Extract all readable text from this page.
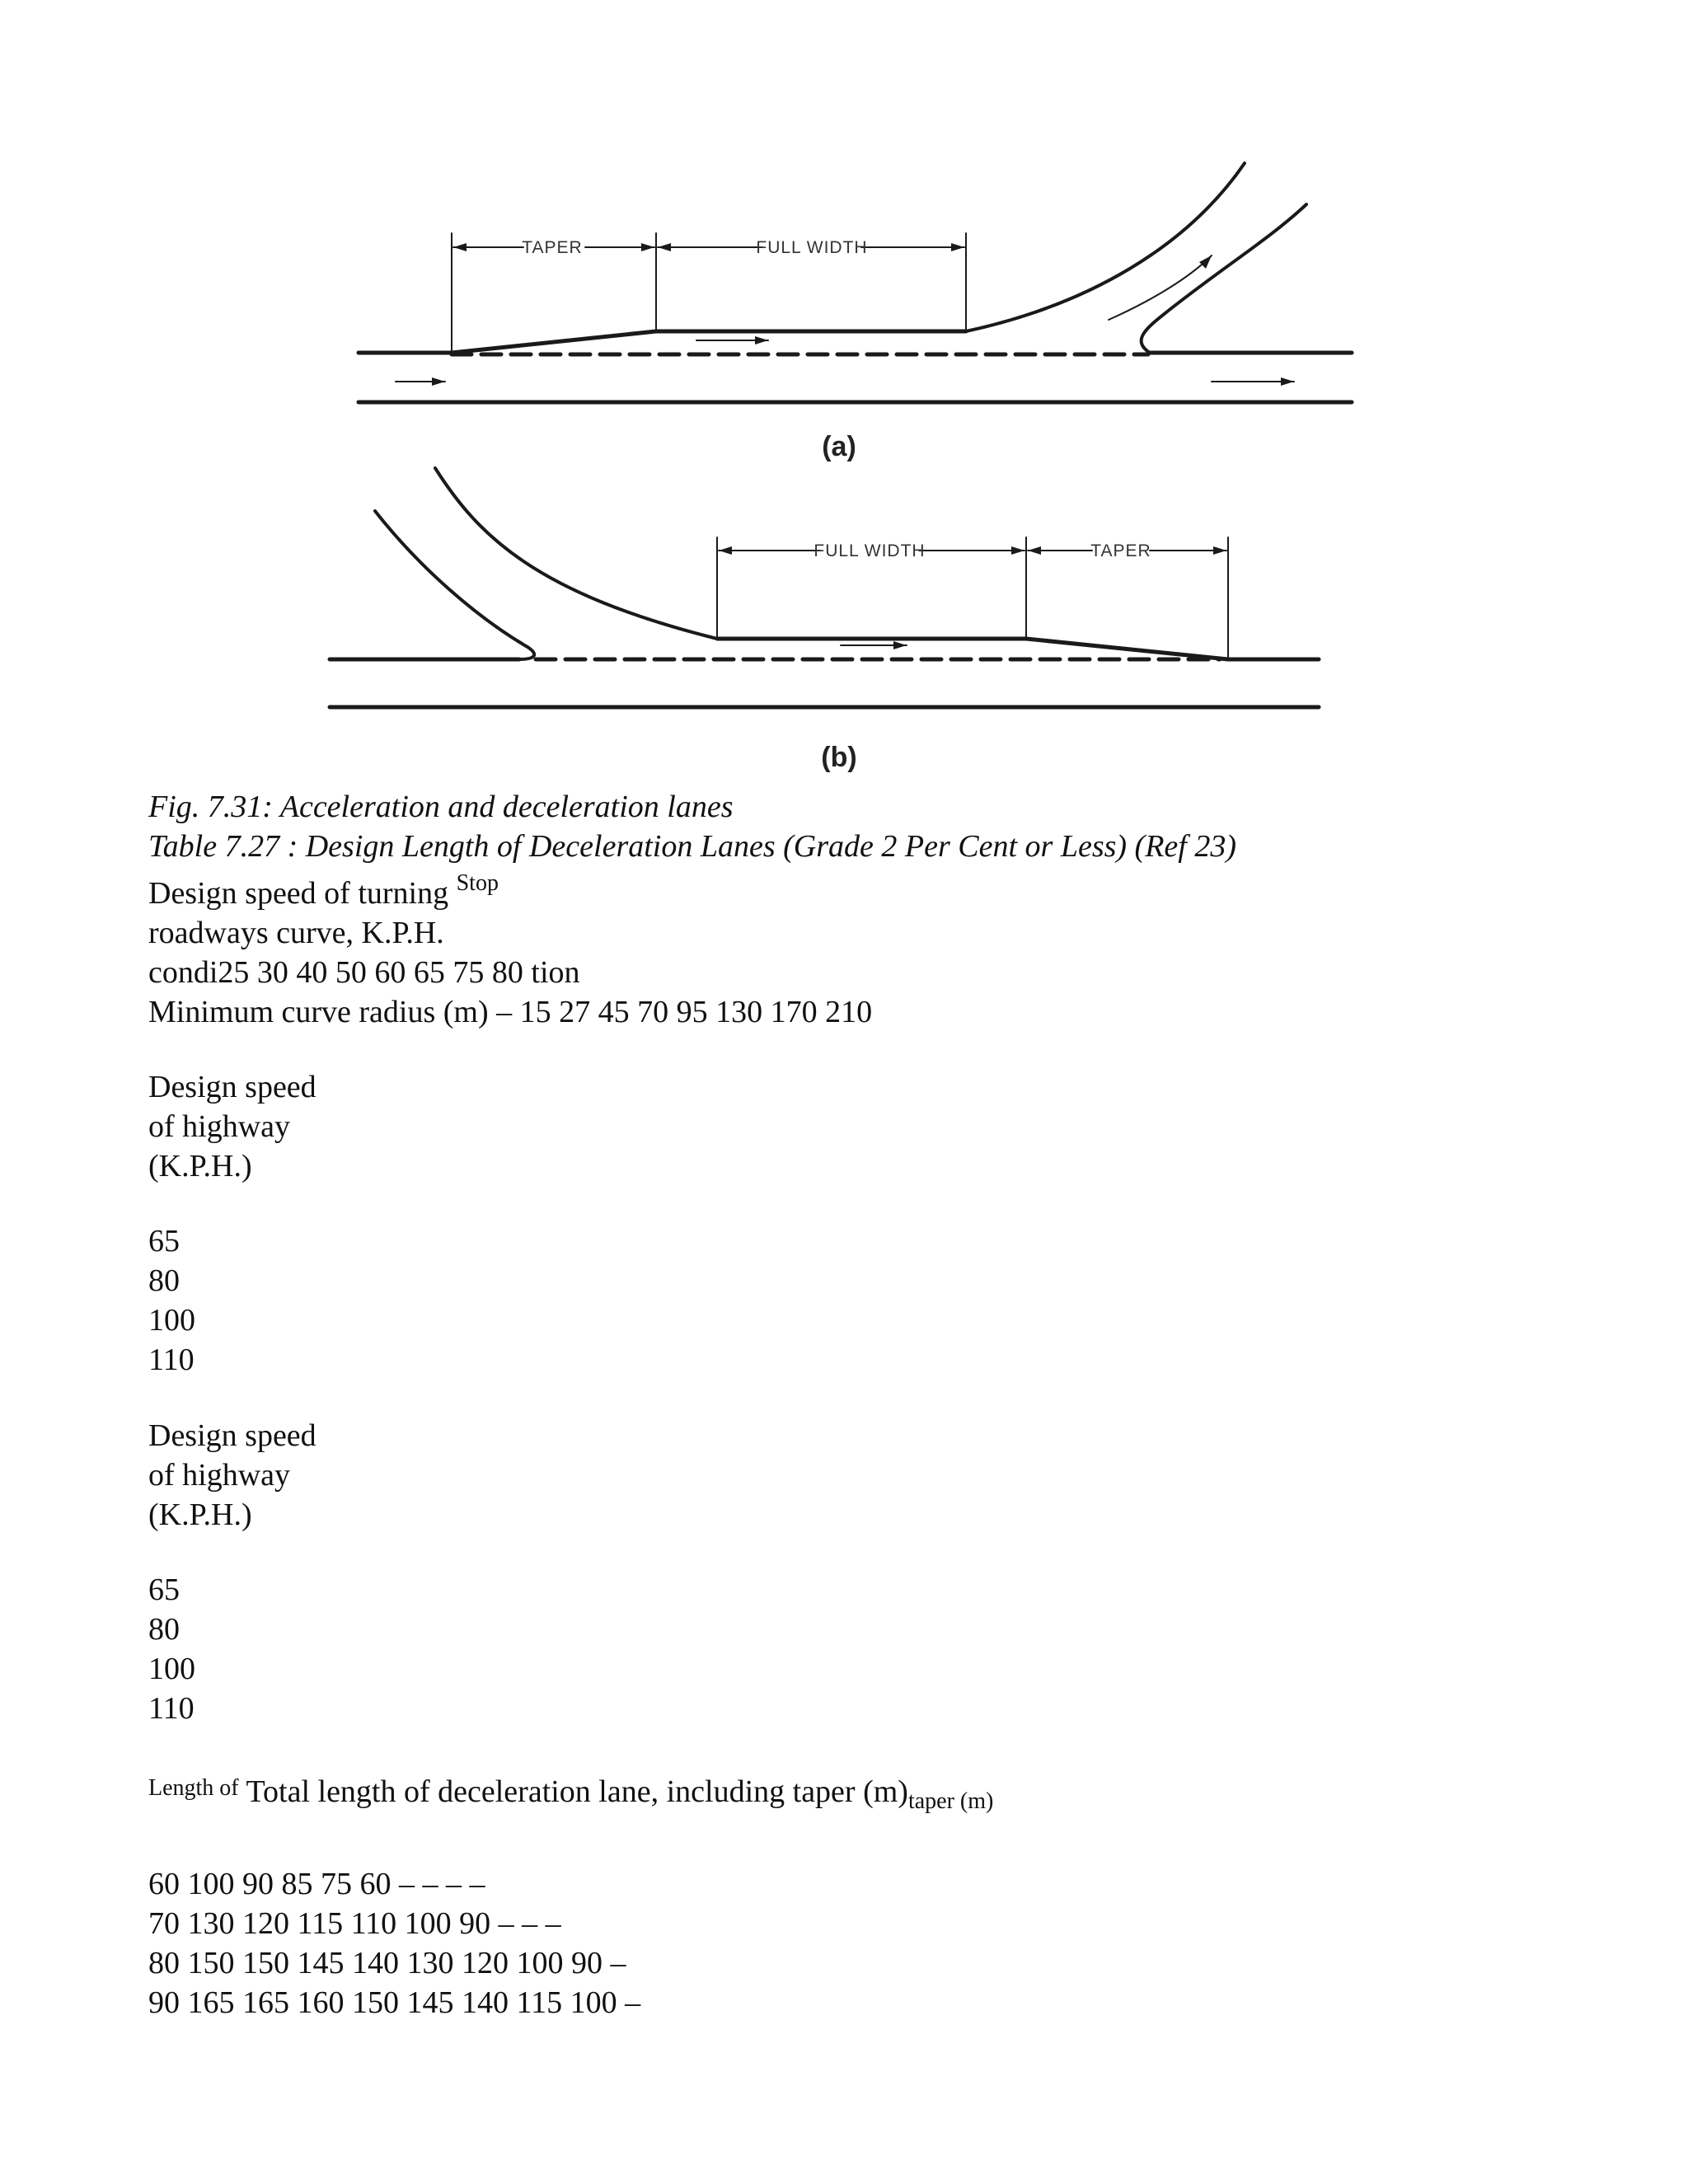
TAPER	FULL WIDTH
(a)
FULL WIDTH	TAPER
(b)
Fig. 7.31: Acceleration and deceleration lanes
Table 7.27 : Design Length of Deceleration Lanes (Grade 2 Per Cent or Less) (Ref 23)
Design speed of turning $^{Stop}$
roadways curve, K.P.H.
condi25 30 40 50 60 65 75 80 tion
Minimum curve radius (m) – 15 27 45 70 95 130 170 210
Design speed
of highway
(K.P.H.)
65
80
100
110
Design speed
of highway
(K.P.H.)
65
80
100
110
$^{Length of}$ Total length of deceleration lane, including taper $(m)_{taper (m)}$
60 100 90 85 75 60 – – – –
70 130 120 115 110 100 90 – – –
80 150 150 145 140 130 120 100 90 –
90 165 165 160 150 145 140 115 100 –
